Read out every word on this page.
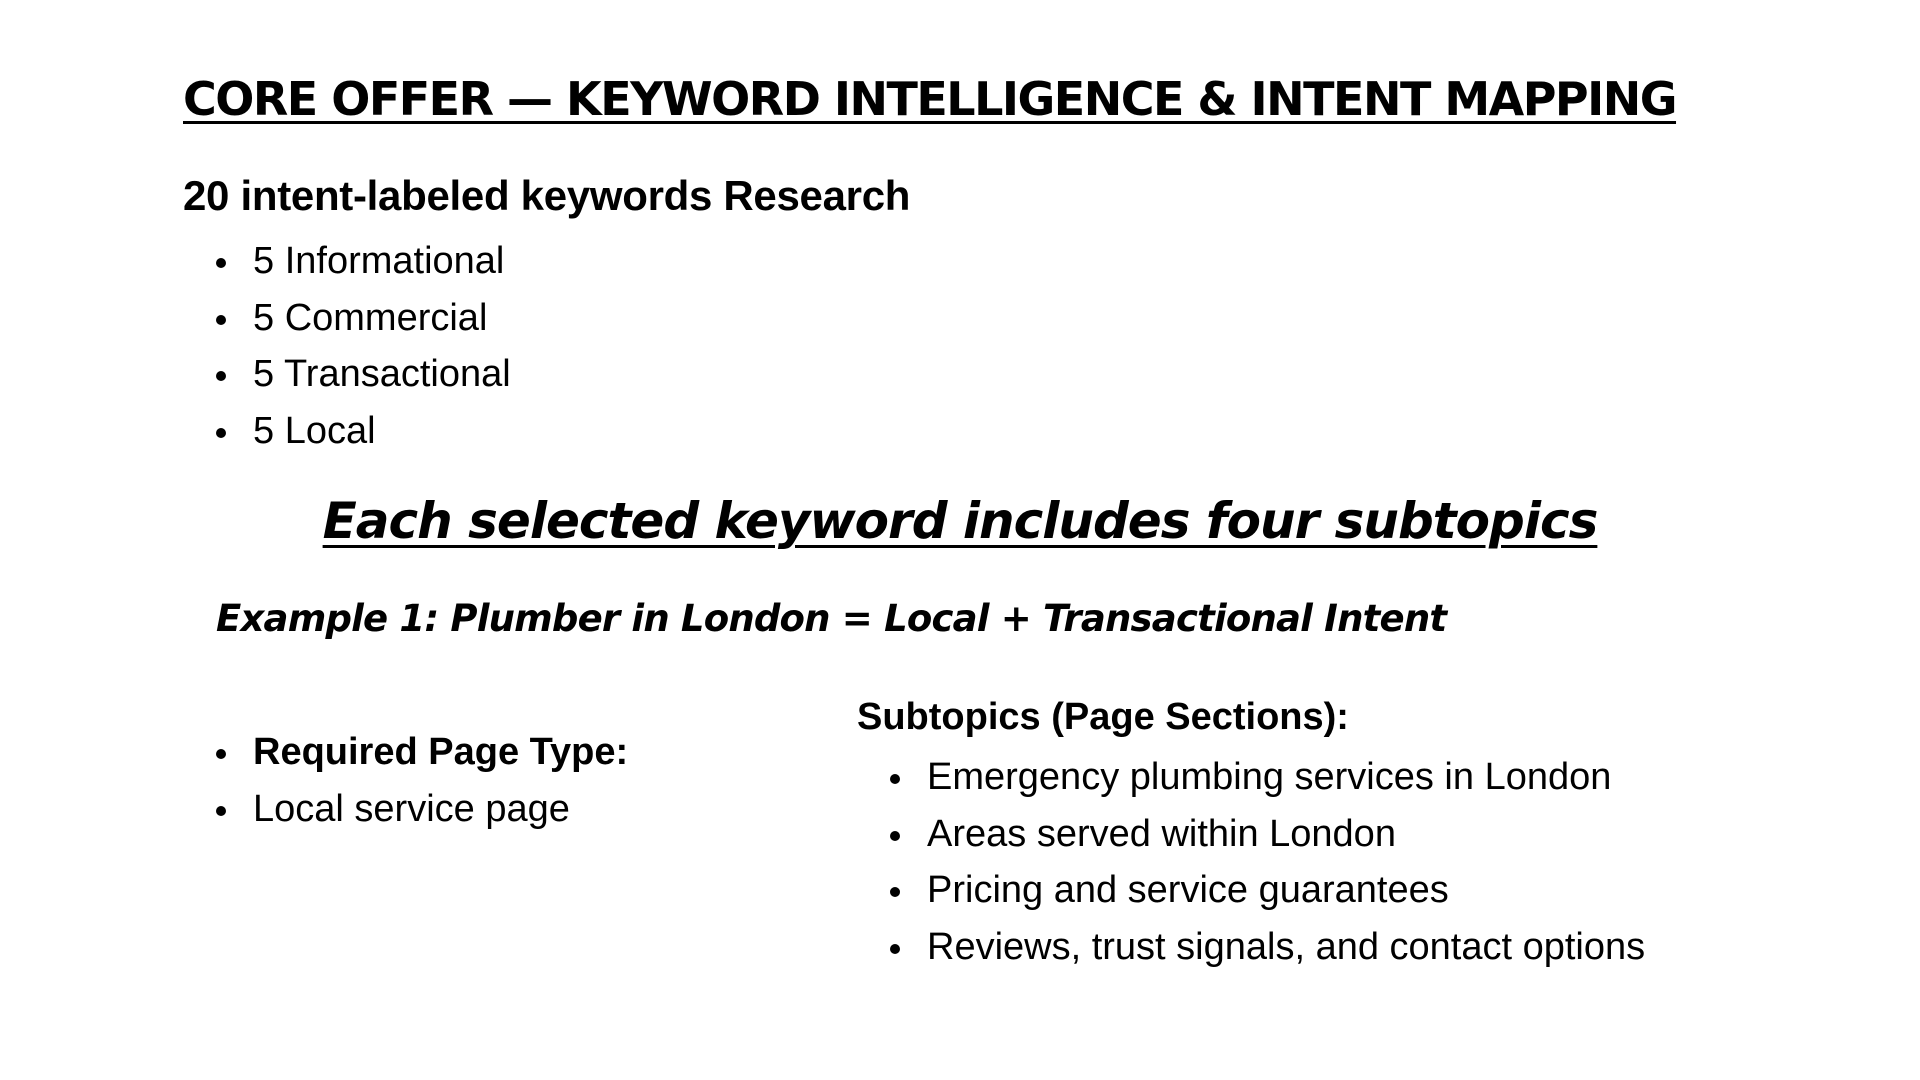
CORE OFFER — KEYWORD INTELLIGENCE & INTENT MAPPING
20 intent-labeled keywords Research
5 Informational
5 Commercial
5 Transactional
5 Local
Each selected keyword includes four subtopics

Example 1: Plumber in London = Local + Transactional Intent

Required Page Type:
Local service page

Subtopics (Page Sections):

Emergency plumbing services in London
Areas served within London
Pricing and service guarantees
Reviews, trust signals, and contact options
